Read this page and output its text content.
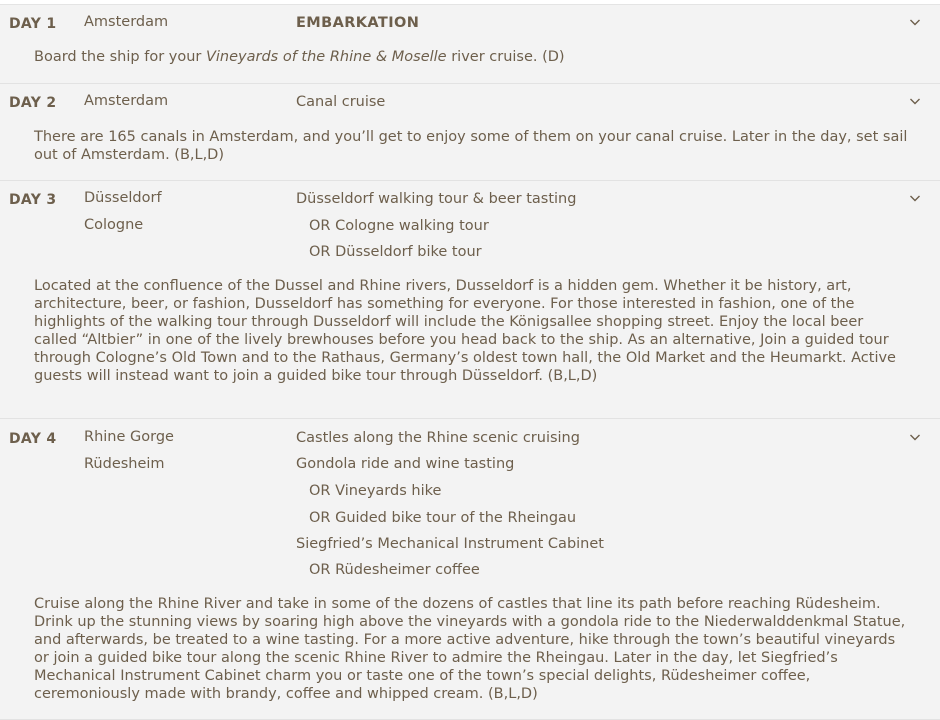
DAY 1 Amsterdam	EMBARKATION

Board the ship for your Vineyards of the Rhine & Moselle river cruise. (D)

DAY 2 Amsterdam	Canal cruise

There are 165 canals in Amsterdam, and you’ll get to enjoy some of them on your canal cruise. Later in the day, set sail out of Amsterdam. (B,L,D)

DAY 3 Düsseldorf
Cologne
Düsseldorf walking tour & beer tasting
OR Cologne walking tour
OR Düsseldorf bike tour

Located at the confluence of the Dussel and Rhine rivers, Dusseldorf is a hidden gem. Whether it be history, art, architecture, beer, or fashion, Dusseldorf has something for everyone. For those interested in fashion, one of the highlights of the walking tour through Dusseldorf will include the Königsallee shopping street. Enjoy the local beer called “Altbier” in one of the lively brewhouses before you head back to the ship. As an alternative, Join a guided tour through Cologne’s Old Town and to the Rathaus, Germany’s oldest town hall, the Old Market and the Heumarkt. Active guests will instead want to join a guided bike tour through Düsseldorf. (B,L,D)

DAY 4 Rhine Gorge
Rüdesheim
Castles along the Rhine scenic cruising
Gondola ride and wine tasting
OR Vineyards hike
OR Guided bike tour of the Rheingau
Siegfried’s Mechanical Instrument Cabinet
OR Rüdesheimer coffee

Cruise along the Rhine River and take in some of the dozens of castles that line its path before reaching Rüdesheim. Drink up the stunning views by soaring high above the vineyards with a gondola ride to the Niederwalddenkmal Statue, and afterwards, be treated to a wine tasting. For a more active adventure, hike through the town’s beautiful vineyards or join a guided bike tour along the scenic Rhine River to admire the Rheingau. Later in the day, let Siegfried’s Mechanical Instrument Cabinet charm you or taste one of the town’s special delights, Rüdesheimer coffee, ceremoniously made with brandy, coffee and whipped cream. (B,L,D)
